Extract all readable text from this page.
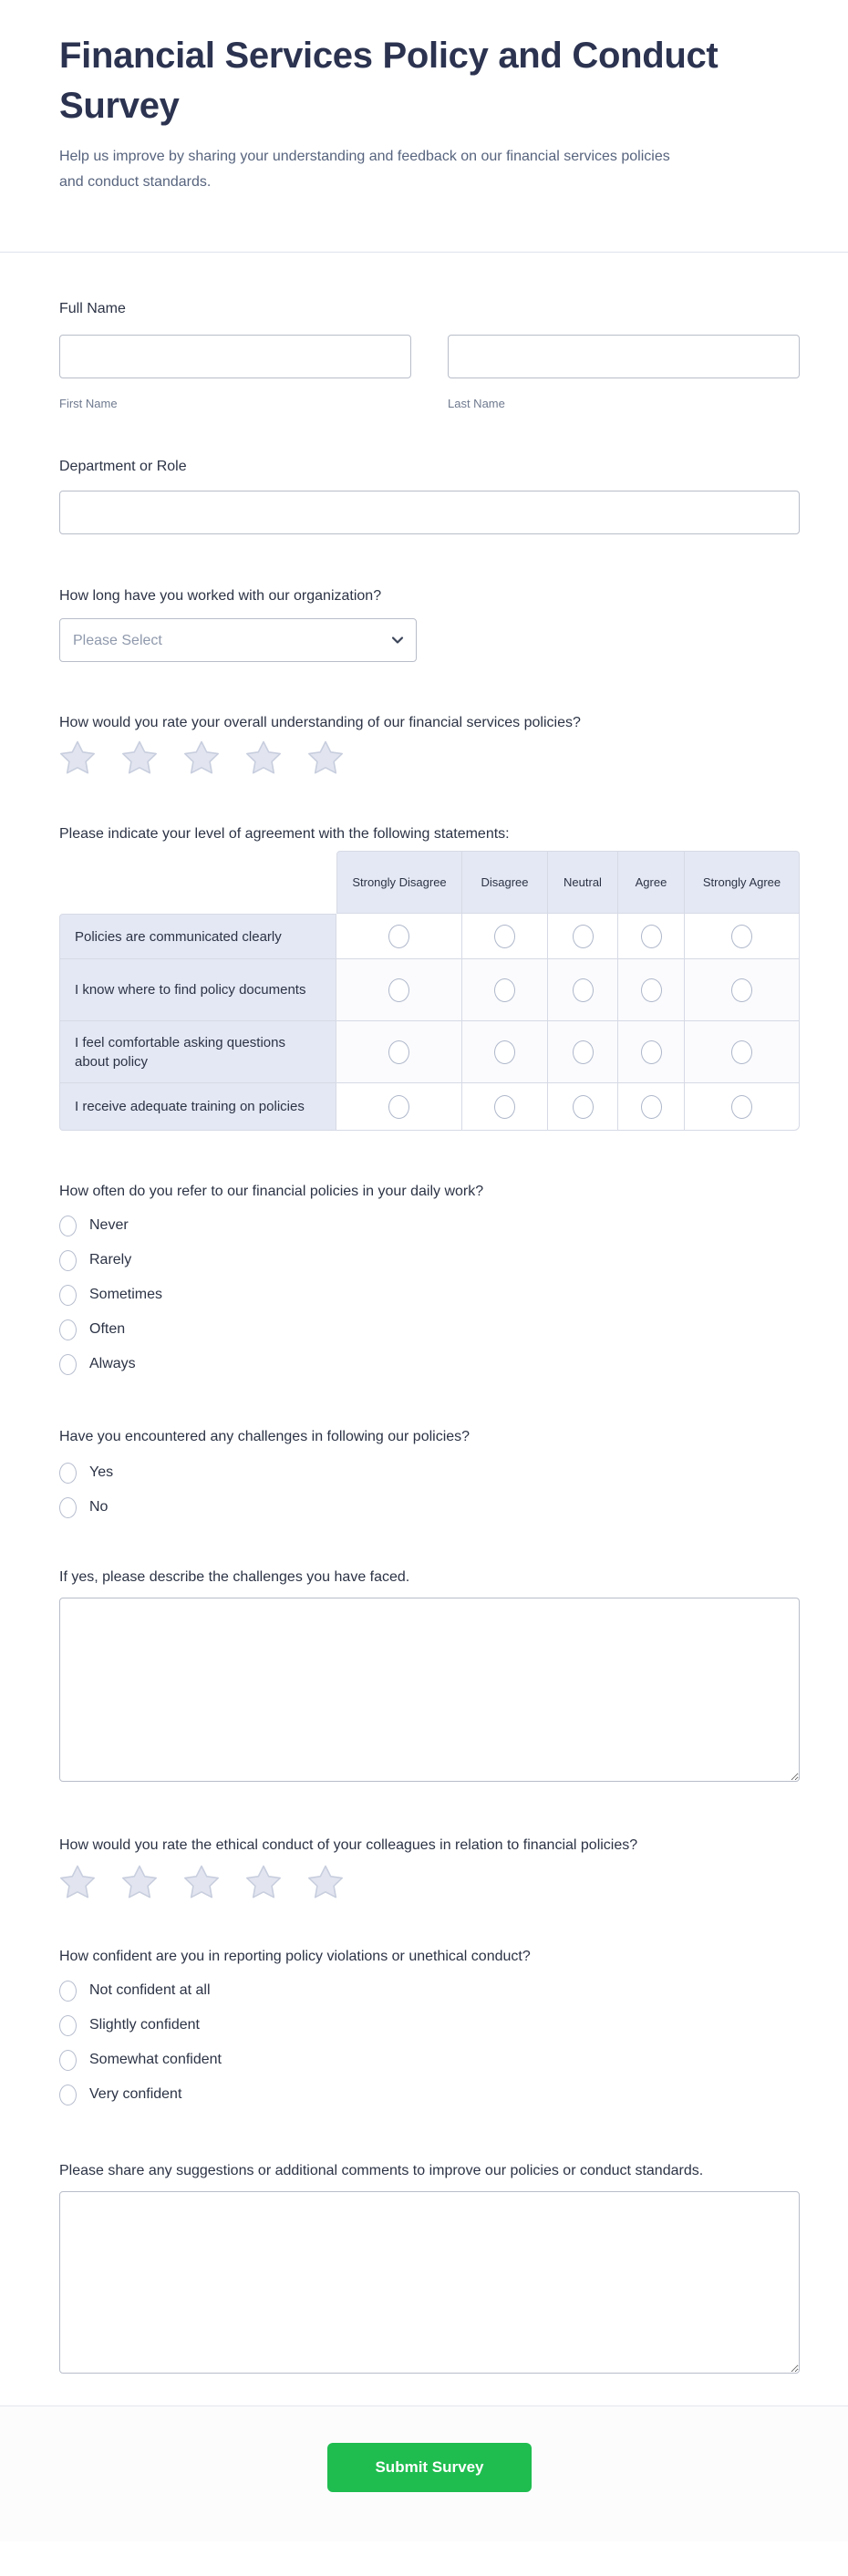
Financial Services Policy and Conduct Survey

Help us improve by sharing your understanding and feedback on our financial services policies and conduct standards.

Full Name
First Name	Last Name
Department or Role
How long have you worked with our organization?
Please Select
How would you rate your overall understanding of our financial services policies?
Please indicate your level of agreement with the following statements:
	Strongly Disagree	Disagree	Neutral	Agree	Strongly Agree
Policies are communicated clearly					
I know where to find policy documents					
I feel comfortable asking questions about policy					
I receive adequate training on policies					
How often do you refer to our financial policies in your daily work?
Never
Rarely
Sometimes
Often
Always
Have you encountered any challenges in following our policies?
Yes
No
If yes, please describe the challenges you have faced.
How would you rate the ethical conduct of your colleagues in relation to financial policies?
How confident are you in reporting policy violations or unethical conduct?
Not confident at all
Slightly confident
Somewhat confident
Very confident
Please share any suggestions or additional comments to improve our policies or conduct standards.
Submit Survey
